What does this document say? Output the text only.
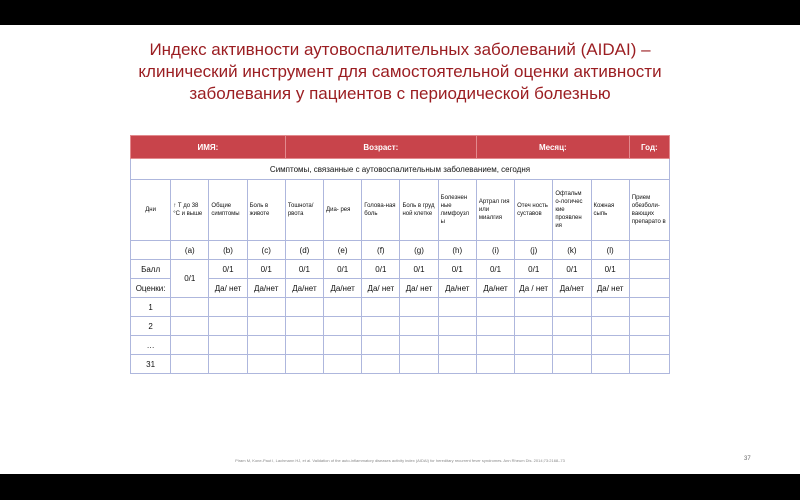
Индекс активности аутовоспалительных заболеваний (AIDAI) –
клинический инструмент для самостоятельной оценки активности
заболевания у пациентов с периодической болезнью
ИМЯ:				Возраст:					Месяц:				Год:
Симптомы, связанные с аутовоспалительным заболеванием, сегодня													
Дни	↑ Т до 38 °С и выше	Общие симптомы	Боль в животе	Тошнота/ рвота	Диа- рея	Голова-ная боль	Боль в груд ной клетке	Болезнен ные лимфоузл ы	Артрал гия или миалгия	Отеч ность суставов	Офтальм о-логичес кие проявлен ия	Кожная сыпь	Прием обезболи-вающих препарато в
	(a)	(b)	(c)	(d)	(e)	(f)	(g)	(h)	(i)	(j)	(k)	(l)	
Балл	0/1	0/1	0/1	0/1	0/1	0/1	0/1	0/1	0/1	0/1	0/1	0/1	
Оценки:		Да/ нет	Да/нет	Да/нет	Да/нет	Да/ нет	Да/ нет	Да/нет	Да/нет	Да / нет	Да/нет	Да/ нет	
1													
2													
…													
31													
Piram M, Kone-Paut I, Lachmann HJ, et al. Validation of the auto-inflammatory diseases activity index (AIDAI) for hereditary recurrent fever syndromes. Ann Rheum Dis. 2014;73:2168–73	37
